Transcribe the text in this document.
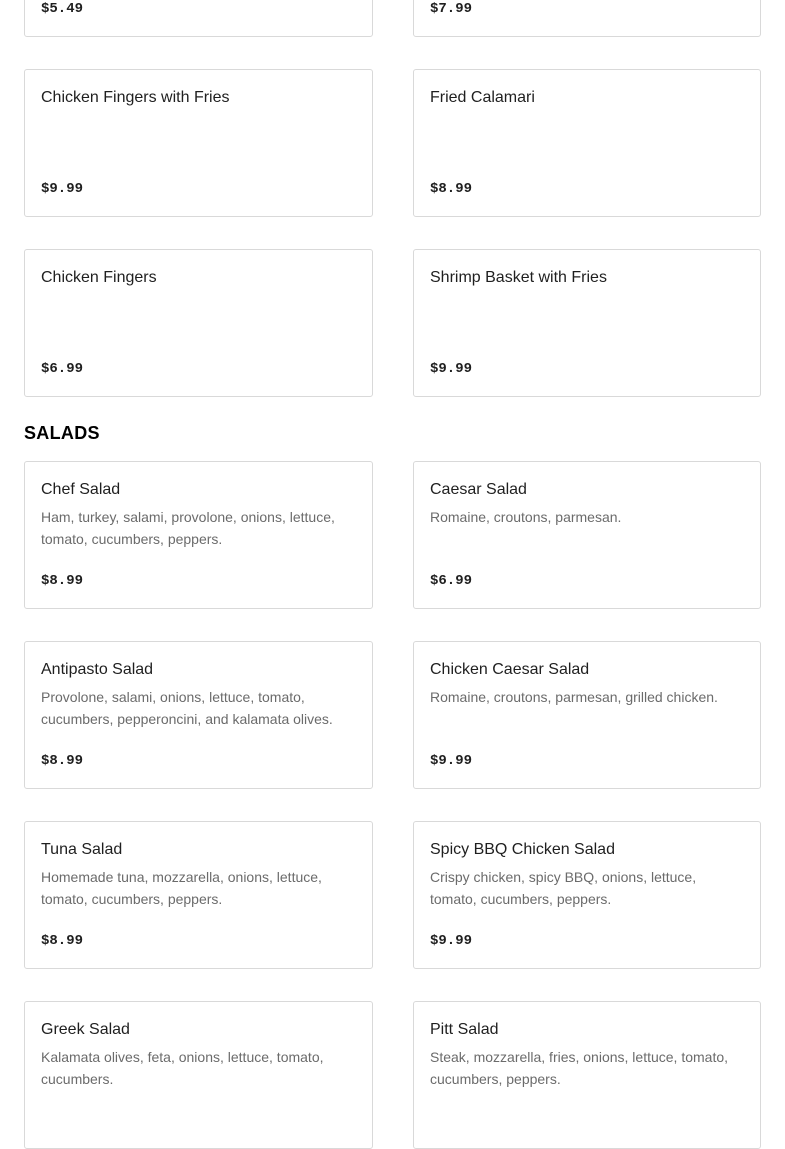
$5.49	$7.99
Chicken Fingers with Fries
$9.99
Fried Calamari
$8.99
Chicken Fingers
$6.99
Shrimp Basket with Fries
$9.99
SALADS
Chef Salad
Ham, turkey, salami, provolone, onions, lettuce, tomato, cucumbers, peppers.
$8.99
Caesar Salad
Romaine, croutons, parmesan.
$6.99
Antipasto Salad
Provolone, salami, onions, lettuce, tomato, cucumbers, pepperoncini, and kalamata olives.
$8.99
Chicken Caesar Salad
Romaine, croutons, parmesan, grilled chicken.
$9.99
Tuna Salad
Homemade tuna, mozzarella, onions, lettuce, tomato, cucumbers, peppers.
$8.99
Spicy BBQ Chicken Salad
Crispy chicken, spicy BBQ, onions, lettuce, tomato, cucumbers, peppers.
$9.99
Greek Salad
Kalamata olives, feta, onions, lettuce, tomato, cucumbers.
Pitt Salad
Steak, mozzarella, fries, onions, lettuce, tomato, cucumbers, peppers.
